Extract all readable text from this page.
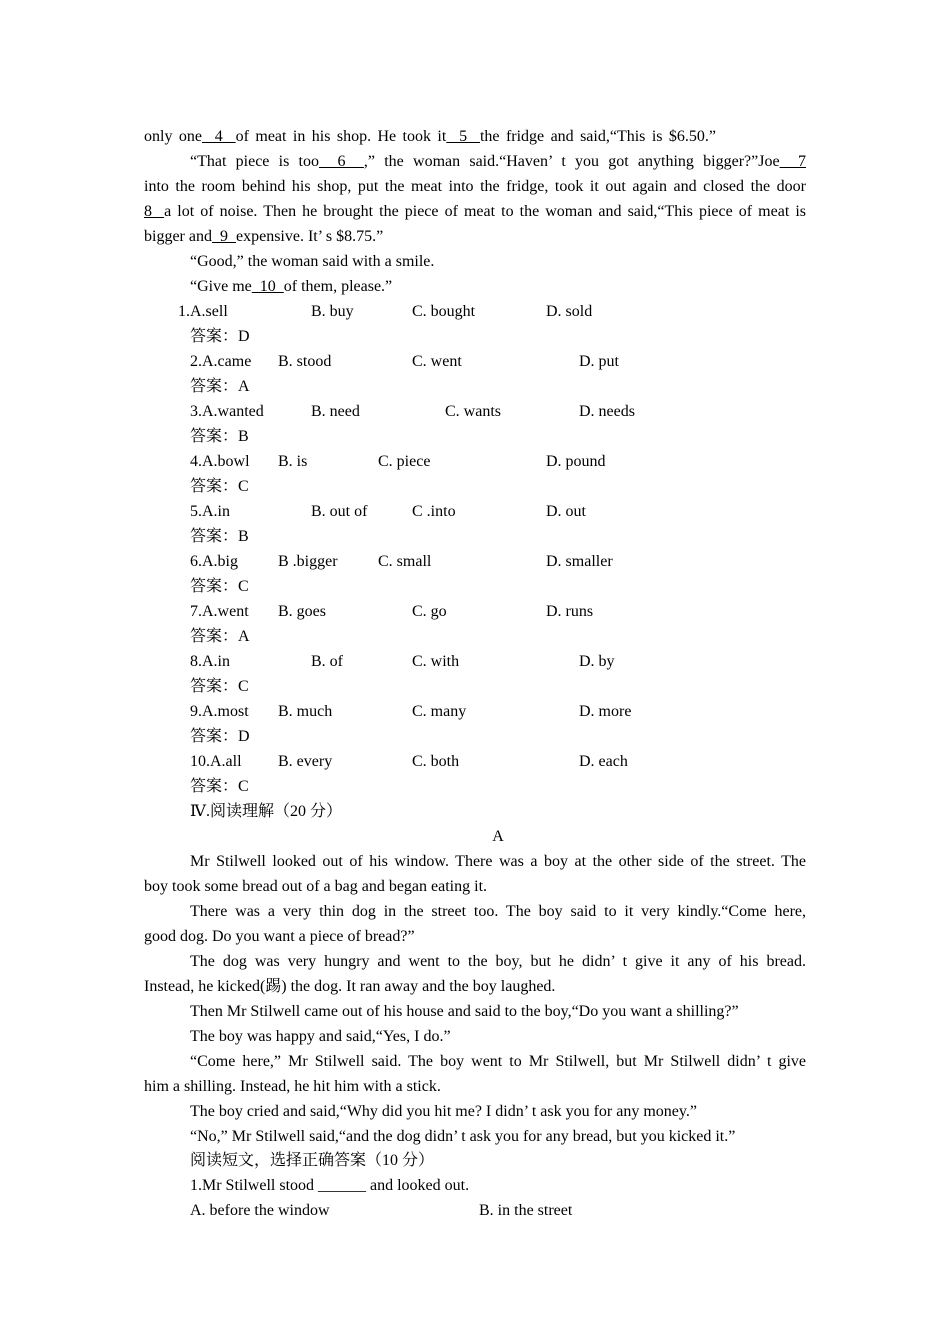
only one  4  of meat in his shop. He took it  5  the fridge and said,“This is $6.50.”
“That piece is too  6  ,” the woman said.“Haven’ t you got anything bigger?”Joe  7
into the room behind his shop, put the meat into the fridge, took it out again and closed the door
8  a lot of noise. Then he brought the piece of meat to the woman and said,“This piece of meat is
bigger and  9  expensive. It’ s $8.75.”
“Good,” the woman said with a smile.
“Give me  10  of them, please.”
1.A.sell	B. buy	C. bought	D. sold
答案：D
2.A.came B. stood	C. went	D. put
答案：A
3.A.wanted	B. need	C. wants	D. needs
答案：B
4.A.bowl B. is	C. piece	D. pound
答案：C
5.A.in	B. out of	C .into	D. out
答案：B
6.A.big	B .bigger	C. small	D. smaller
答案：C
7.A.went B. goes	C. go	D. runs
答案：A
8.A.in	B. of	C. with	D. by
答案：C
9.A.most B. much	C. many	D. more
答案：D
10.A.all B. every	C. both	D. each
答案：C
Ⅳ.阅读理解（20 分）
A
Mr Stilwell looked out of his window. There was a boy at the other side of the street. The
boy took some bread out of a bag and began eating it.
There was a very thin dog in the street too. The boy said to it very kindly.“Come here,
good dog. Do you want a piece of bread?”
The dog was very hungry and went to the boy, but he didn’ t give it any of his bread.
Instead, he kicked(踢) the dog. It ran away and the boy laughed.
Then Mr Stilwell came out of his house and said to the boy,“Do you want a shilling?”
The boy was happy and said,“Yes, I do.”
“Come here,” Mr Stilwell said. The boy went to Mr Stilwell, but Mr Stilwell didn’ t give
him a shilling. Instead, he hit him with a stick.
The boy cried and said,“Why did you hit me? I didn’ t ask you for any money.”
“No,” Mr Stilwell said,“and the dog didn’ t ask you for any bread, but you kicked it.”
阅读短文，选择正确答案（10 分）
1.Mr Stilwell stood ______ and looked out.
A. before the window	B. in the street
